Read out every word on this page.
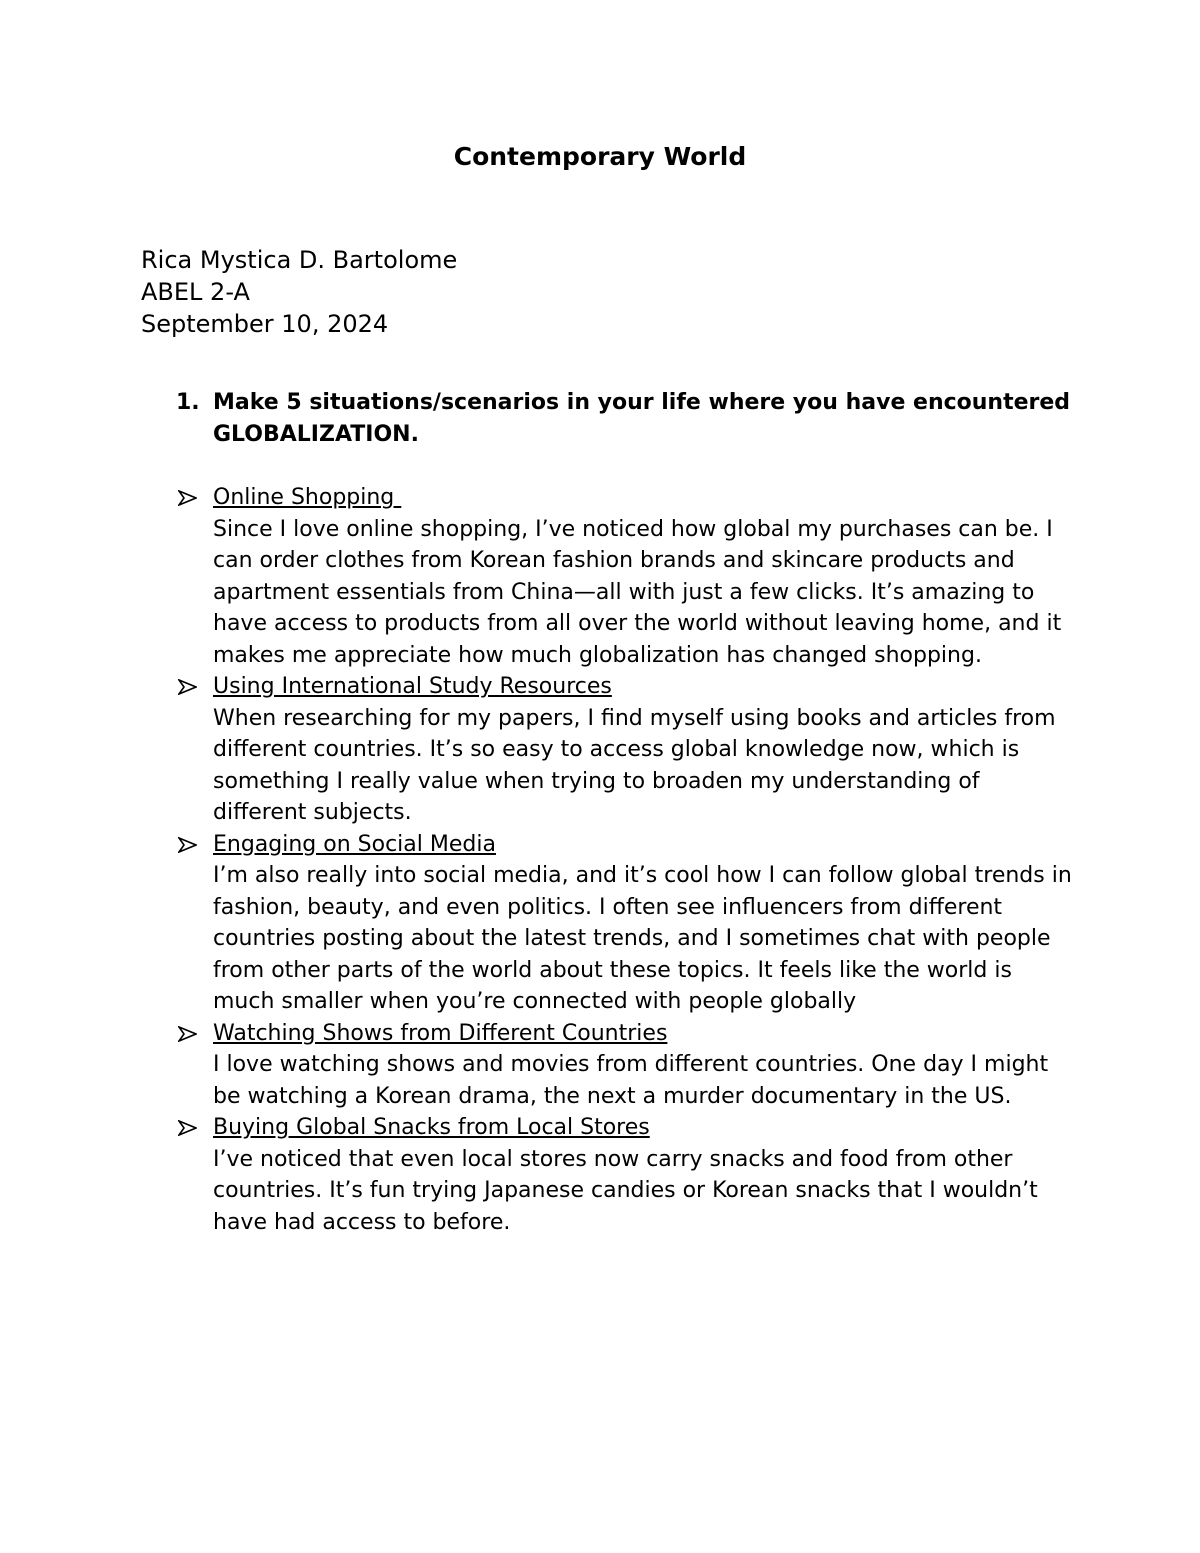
Contemporary World
Rica Mystica D. Bartolome
ABEL 2-A
September 10, 2024
1. Make 5 situations/scenarios in your life where you have encountered GLOBALIZATION.
Online Shopping
Since I love online shopping, I’ve noticed how global my purchases can be. I can order clothes from Korean fashion brands and skincare products and apartment essentials from China—all with just a few clicks. It’s amazing to have access to products from all over the world without leaving home, and it makes me appreciate how much globalization has changed shopping.
Using International Study Resources
When researching for my papers, I find myself using books and articles from different countries. It’s so easy to access global knowledge now, which is something I really value when trying to broaden my understanding of different subjects.
Engaging on Social Media
I’m also really into social media, and it’s cool how I can follow global trends in fashion, beauty, and even politics. I often see influencers from different countries posting about the latest trends, and I sometimes chat with people from other parts of the world about these topics. It feels like the world is much smaller when you’re connected with people globally
Watching Shows from Different Countries
I love watching shows and movies from different countries. One day I might be watching a Korean drama, the next a murder documentary in the US.
Buying Global Snacks from Local Stores
I’ve noticed that even local stores now carry snacks and food from other countries. It’s fun trying Japanese candies or Korean snacks that I wouldn’t have had access to before.
